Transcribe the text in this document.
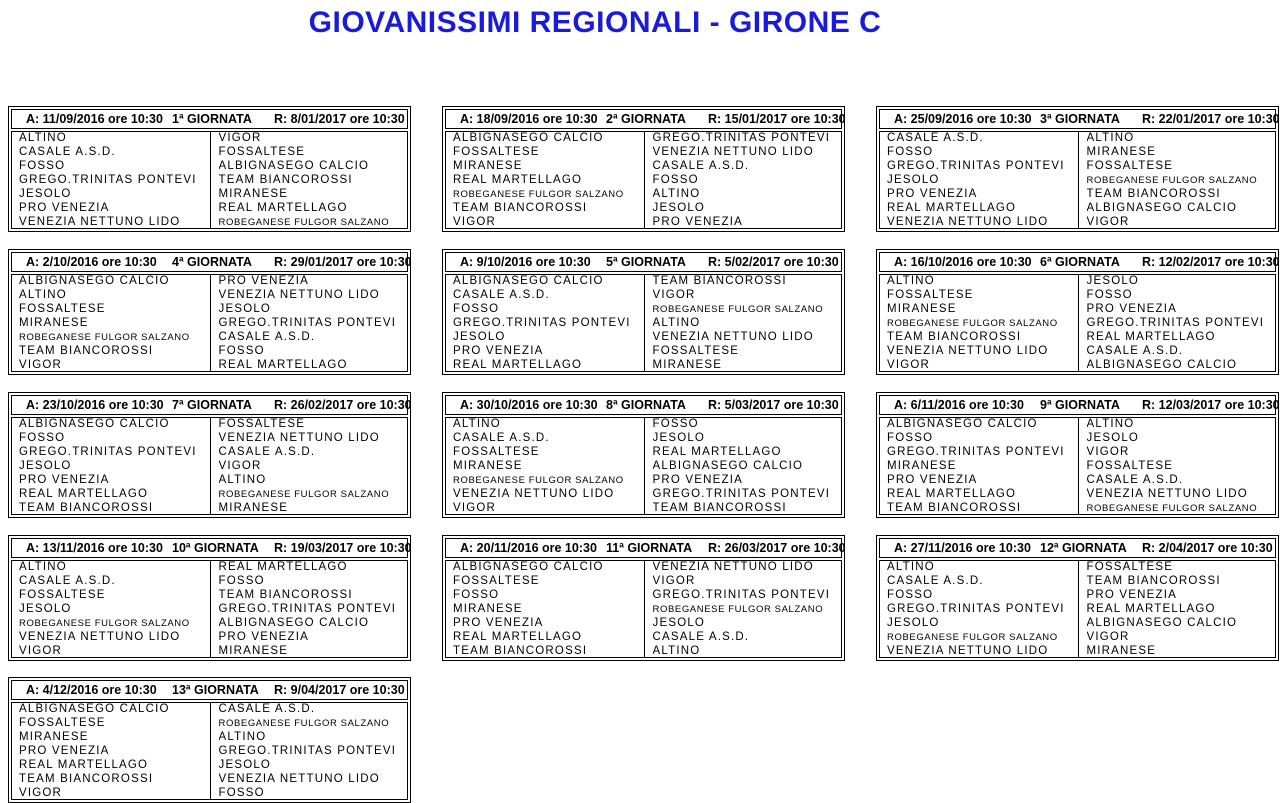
GIOVANISSIMI REGIONALI - GIRONE C
A: 11/09/2016 ore 10:30 1ª GIORNATA R: 8/01/2017 ore 10:30
ALTINO
CASALE A.S.D.
FOSSO
GREGO.TRINITAS PONTEVI
JESOLO
PRO VENEZIA
VENEZIA NETTUNO LIDO
VIGOR
FOSSALTESE
ALBIGNASEGO CALCIO
TEAM BIANCOROSSI
MIRANESE
REAL MARTELLAGO
ROBEGANESE FULGOR SALZANO
A: 18/09/2016 ore 10:30 2ª GIORNATA R: 15/01/2017 ore 10:30
ALBIGNASEGO CALCIO
FOSSALTESE
MIRANESE
REAL MARTELLAGO
ROBEGANESE FULGOR SALZANO
TEAM BIANCOROSSI
VIGOR
GREGO.TRINITAS PONTEVI
VENEZIA NETTUNO LIDO
CASALE A.S.D.
FOSSO
ALTINO
JESOLO
PRO VENEZIA
A: 25/09/2016 ore 10:30 3ª GIORNATA R: 22/01/2017 ore 10:30
CASALE A.S.D.
FOSSO
GREGO.TRINITAS PONTEVI
JESOLO
PRO VENEZIA
REAL MARTELLAGO
VENEZIA NETTUNO LIDO
ALTINO
MIRANESE
FOSSALTESE
ROBEGANESE FULGOR SALZANO
TEAM BIANCOROSSI
ALBIGNASEGO CALCIO
VIGOR
A: 2/10/2016 ore 10:30 4ª GIORNATA R: 29/01/2017 ore 10:30
ALBIGNASEGO CALCIO
ALTINO
FOSSALTESE
MIRANESE
ROBEGANESE FULGOR SALZANO
TEAM BIANCOROSSI
VIGOR
PRO VENEZIA
VENEZIA NETTUNO LIDO
JESOLO
GREGO.TRINITAS PONTEVI
CASALE A.S.D.
FOSSO
REAL MARTELLAGO
A: 9/10/2016 ore 10:30 5ª GIORNATA R: 5/02/2017 ore 10:30
ALBIGNASEGO CALCIO
CASALE A.S.D.
FOSSO
GREGO.TRINITAS PONTEVI
JESOLO
PRO VENEZIA
REAL MARTELLAGO
TEAM BIANCOROSSI
VIGOR
ROBEGANESE FULGOR SALZANO
ALTINO
VENEZIA NETTUNO LIDO
FOSSALTESE
MIRANESE
A: 16/10/2016 ore 10:30 6ª GIORNATA R: 12/02/2017 ore 10:30
ALTINO
FOSSALTESE
MIRANESE
ROBEGANESE FULGOR SALZANO
TEAM BIANCOROSSI
VENEZIA NETTUNO LIDO
VIGOR
JESOLO
FOSSO
PRO VENEZIA
GREGO.TRINITAS PONTEVI
REAL MARTELLAGO
CASALE A.S.D.
ALBIGNASEGO CALCIO
A: 23/10/2016 ore 10:30 7ª GIORNATA R: 26/02/2017 ore 10:30
ALBIGNASEGO CALCIO
FOSSO
GREGO.TRINITAS PONTEVI
JESOLO
PRO VENEZIA
REAL MARTELLAGO
TEAM BIANCOROSSI
FOSSALTESE
VENEZIA NETTUNO LIDO
CASALE A.S.D.
VIGOR
ALTINO
ROBEGANESE FULGOR SALZANO
MIRANESE
A: 30/10/2016 ore 10:30 8ª GIORNATA R: 5/03/2017 ore 10:30
ALTINO
CASALE A.S.D.
FOSSALTESE
MIRANESE
ROBEGANESE FULGOR SALZANO
VENEZIA NETTUNO LIDO
VIGOR
FOSSO
JESOLO
REAL MARTELLAGO
ALBIGNASEGO CALCIO
PRO VENEZIA
GREGO.TRINITAS PONTEVI
TEAM BIANCOROSSI
A: 6/11/2016 ore 10:30 9ª GIORNATA R: 12/03/2017 ore 10:30
ALBIGNASEGO CALCIO
FOSSO
GREGO.TRINITAS PONTEVI
MIRANESE
PRO VENEZIA
REAL MARTELLAGO
TEAM BIANCOROSSI
ALTINO
JESOLO
VIGOR
FOSSALTESE
CASALE A.S.D.
VENEZIA NETTUNO LIDO
ROBEGANESE FULGOR SALZANO
A: 13/11/2016 ore 10:30 10ª GIORNATA R: 19/03/2017 ore 10:30
ALTINO
CASALE A.S.D.
FOSSALTESE
JESOLO
ROBEGANESE FULGOR SALZANO
VENEZIA NETTUNO LIDO
VIGOR
REAL MARTELLAGO
FOSSO
TEAM BIANCOROSSI
GREGO.TRINITAS PONTEVI
ALBIGNASEGO CALCIO
PRO VENEZIA
MIRANESE
A: 20/11/2016 ore 10:30 11ª GIORNATA R: 26/03/2017 ore 10:30
ALBIGNASEGO CALCIO
FOSSALTESE
FOSSO
MIRANESE
PRO VENEZIA
REAL MARTELLAGO
TEAM BIANCOROSSI
VENEZIA NETTUNO LIDO
VIGOR
GREGO.TRINITAS PONTEVI
ROBEGANESE FULGOR SALZANO
JESOLO
CASALE A.S.D.
ALTINO
A: 27/11/2016 ore 10:30 12ª GIORNATA R: 2/04/2017 ore 10:30
ALTINO
CASALE A.S.D.
FOSSO
GREGO.TRINITAS PONTEVI
JESOLO
ROBEGANESE FULGOR SALZANO
VENEZIA NETTUNO LIDO
FOSSALTESE
TEAM BIANCOROSSI
PRO VENEZIA
REAL MARTELLAGO
ALBIGNASEGO CALCIO
VIGOR
MIRANESE
A: 4/12/2016 ore 10:30 13ª GIORNATA R: 9/04/2017 ore 10:30
ALBIGNASEGO CALCIO
FOSSALTESE
MIRANESE
PRO VENEZIA
REAL MARTELLAGO
TEAM BIANCOROSSI
VIGOR
CASALE A.S.D.
ROBEGANESE FULGOR SALZANO
ALTINO
GREGO.TRINITAS PONTEVI
JESOLO
VENEZIA NETTUNO LIDO
FOSSO
